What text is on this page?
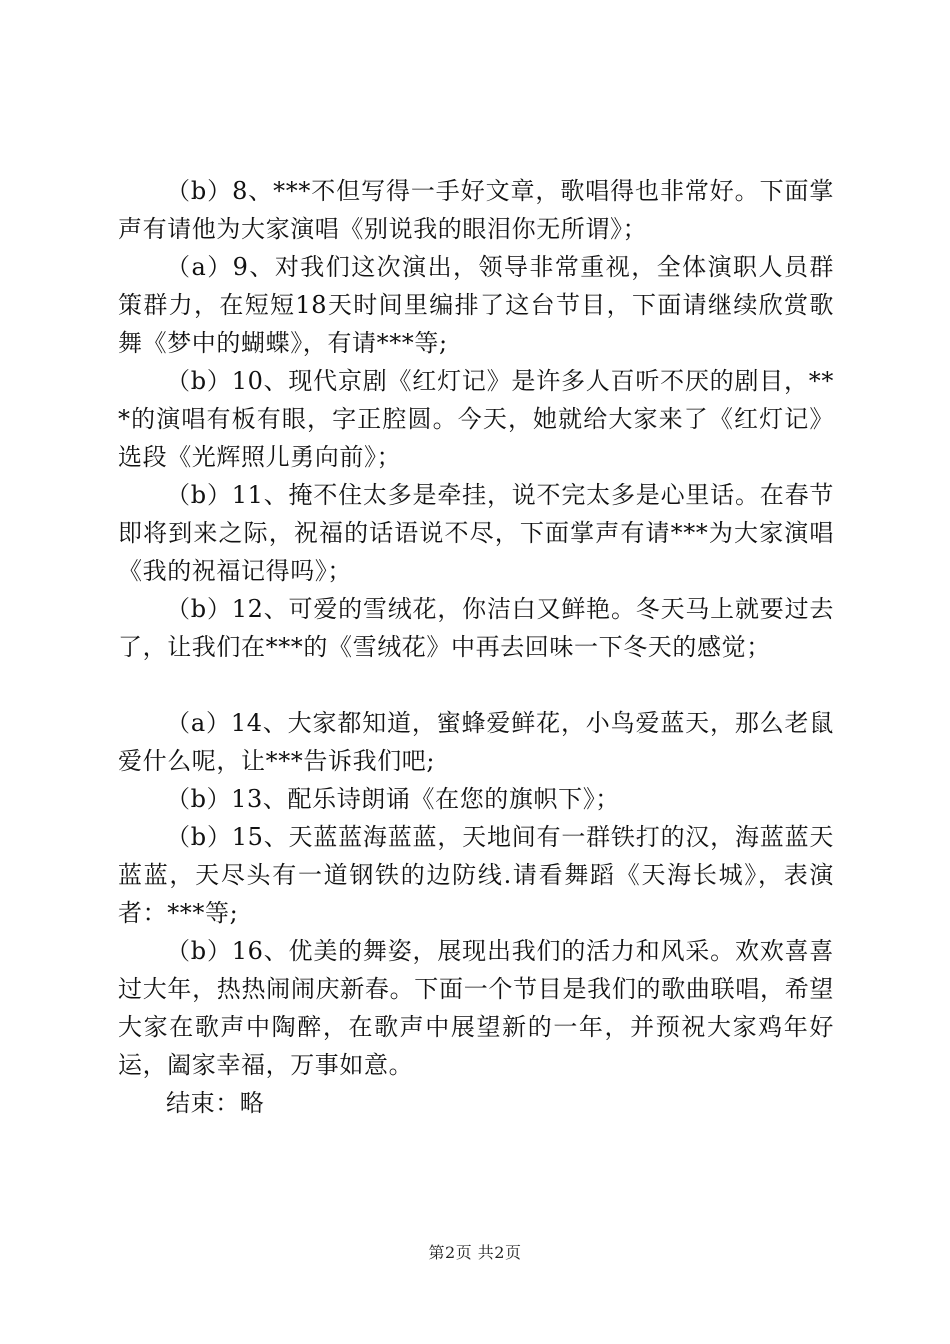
（b）8、***不但写得一手好文章，歌唱得也非常好。下面掌声有请他为大家演唱《别说我的眼泪你无所谓》；

（a）9、对我们这次演出，领导非常重视，全体演职人员群策群力，在短短18天时间里编排了这台节目，下面请继续欣赏歌舞《梦中的蝴蝶》，有请***等;

（b）10、现代京剧《红灯记》是许多人百听不厌的剧目，***的演唱有板有眼，字正腔圆。今天，她就给大家来了《红灯记》选段《光辉照儿勇向前》；

（b）11、掩不住太多是牵挂，说不完太多是心里话。在春节即将到来之际，祝福的话语说不尽，下面掌声有请***为大家演唱《我的祝福记得吗》；

（b）12、可爱的雪绒花，你洁白又鲜艳。冬天马上就要过去了，让我们在***的《雪绒花》中再去回味一下冬天的感觉；

（a）14、大家都知道，蜜蜂爱鲜花，小鸟爱蓝天，那么老鼠爱什么呢，让***告诉我们吧;

（b）13、配乐诗朗诵《在您的旗帜下》；

（b）15、天蓝蓝海蓝蓝，天地间有一群铁打的汉，海蓝蓝天蓝蓝，天尽头有一道钢铁的边防线.请看舞蹈《天海长城》，表演者：***等;

（b）16、优美的舞姿，展现出我们的活力和风采。欢欢喜喜过大年，热热闹闹庆新春。下面一个节目是我们的歌曲联唱，希望大家在歌声中陶醉，在歌声中展望新的一年，并预祝大家鸡年好运，阖家幸福，万事如意。

结束：略

第2页 共2页
